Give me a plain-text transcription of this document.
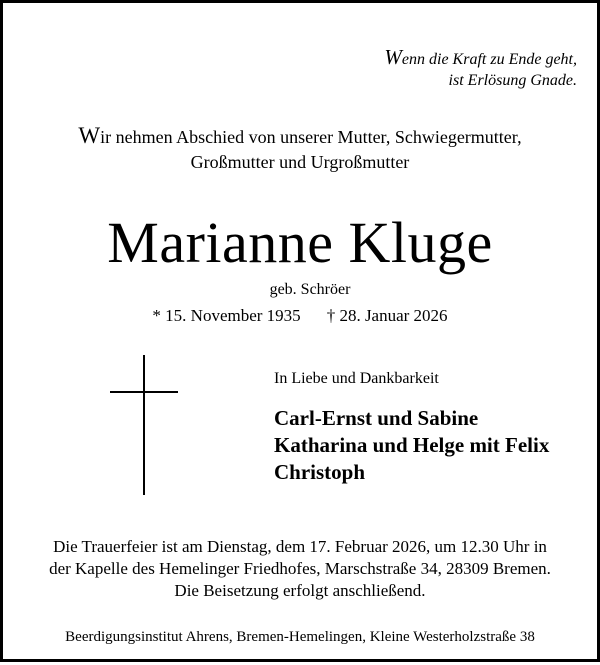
Wenn die Kraft zu Ende geht,
ist Erlösung Gnade.
Wir nehmen Abschied von unserer Mutter, Schwiegermutter,
Großmutter und Urgroßmutter
Marianne Kluge
geb. Schröer
* 15. November 1935 † 28. Januar 2026
In Liebe und Dankbarkeit
Carl-Ernst und Sabine
Katharina und Helge mit Felix
Christoph
Die Trauerfeier ist am Dienstag, dem 17. Februar 2026, um 12.30 Uhr in
der Kapelle des Hemelinger Friedhofes, Marschstraße 34, 28309 Bremen.
Die Beisetzung erfolgt anschließend.
Beerdigungsinstitut Ahrens, Bremen-Hemelingen, Kleine Westerholzstraße 38
